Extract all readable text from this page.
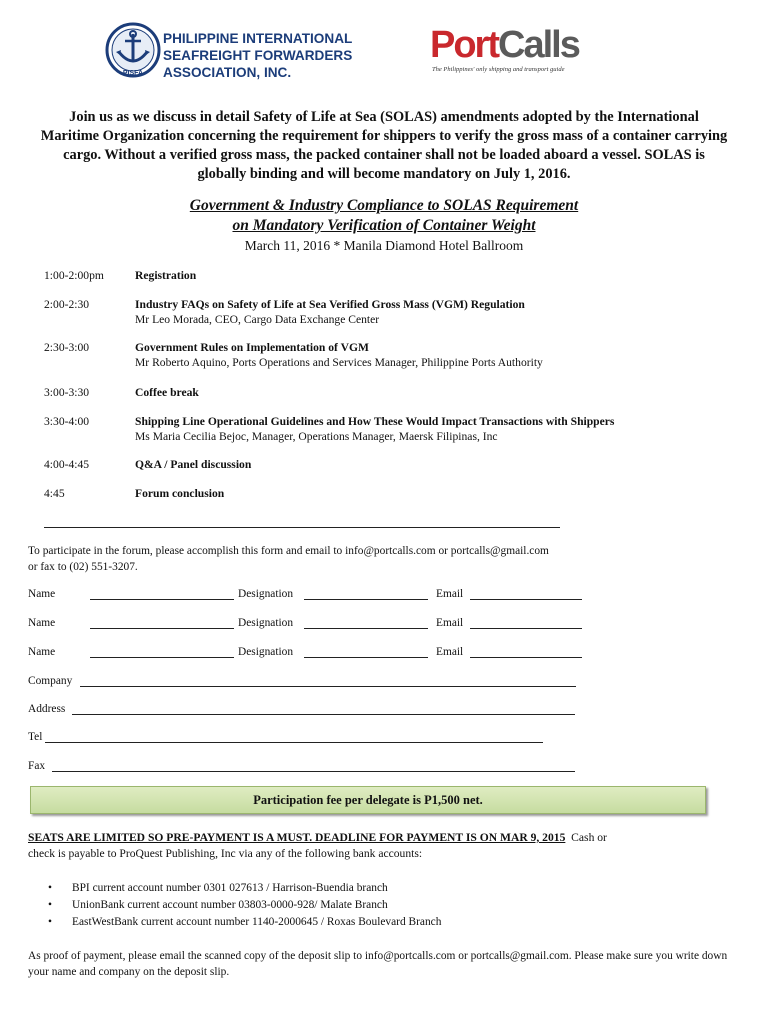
PISFA
PHILIPPINE INTERNATIONAL
SEAFREIGHT FORWARDERS
ASSOCIATION, INC.
PortCalls
The Philippines' only shipping and transport guide
Join us as we discuss in detail Safety of Life at Sea (SOLAS) amendments adopted by the International Maritime Organization concerning the requirement for shippers to verify the gross mass of a container carrying cargo. Without a verified gross mass, the packed container shall not be loaded aboard a vessel. SOLAS is globally binding and will become mandatory on July 1, 2016.
Government & Industry Compliance to SOLAS Requirement
on Mandatory Verification of Container Weight
March 11, 2016 * Manila Diamond Hotel Ballroom
1:00-2:00pm	Registration
2:00-2:30	Industry FAQs on Safety of Life at Sea Verified Gross Mass (VGM) Regulation
Mr Leo Morada, CEO, Cargo Data Exchange Center
2:30-3:00	Government Rules on Implementation of VGM
Mr Roberto Aquino, Ports Operations and Services Manager, Philippine Ports Authority
3:00-3:30	Coffee break
3:30-4:00	Shipping Line Operational Guidelines and How These Would Impact Transactions with Shippers
Ms Maria Cecilia Bejoc, Manager, Operations Manager, Maersk Filipinas, Inc
4:00-4:45	Q&A / Panel discussion
4:45	Forum conclusion
To participate in the forum, please accomplish this form and email to info@portcalls.com or portcalls@gmail.com
or fax to (02) 551-3207.
Name	Designation	Email
Name	Designation	Email
Name	Designation	Email
Company
Address
Tel
Fax
Participation fee per delegate is P1,500 net.
SEATS ARE LIMITED SO PRE-PAYMENT IS A MUST. DEADLINE FOR PAYMENT IS ON MAR 9, 2015  Cash or
check is payable to ProQuest Publishing, Inc via any of the following bank accounts:
• BPI current account number 0301 027613 / Harrison-Buendia branch
• UnionBank current account number 03803-0000-928/ Malate Branch
• EastWestBank current account number 1140-2000645 / Roxas Boulevard Branch
As proof of payment, please email the scanned copy of the deposit slip to info@portcalls.com or portcalls@gmail.com. Please make sure you write down your name and company on the deposit slip.
